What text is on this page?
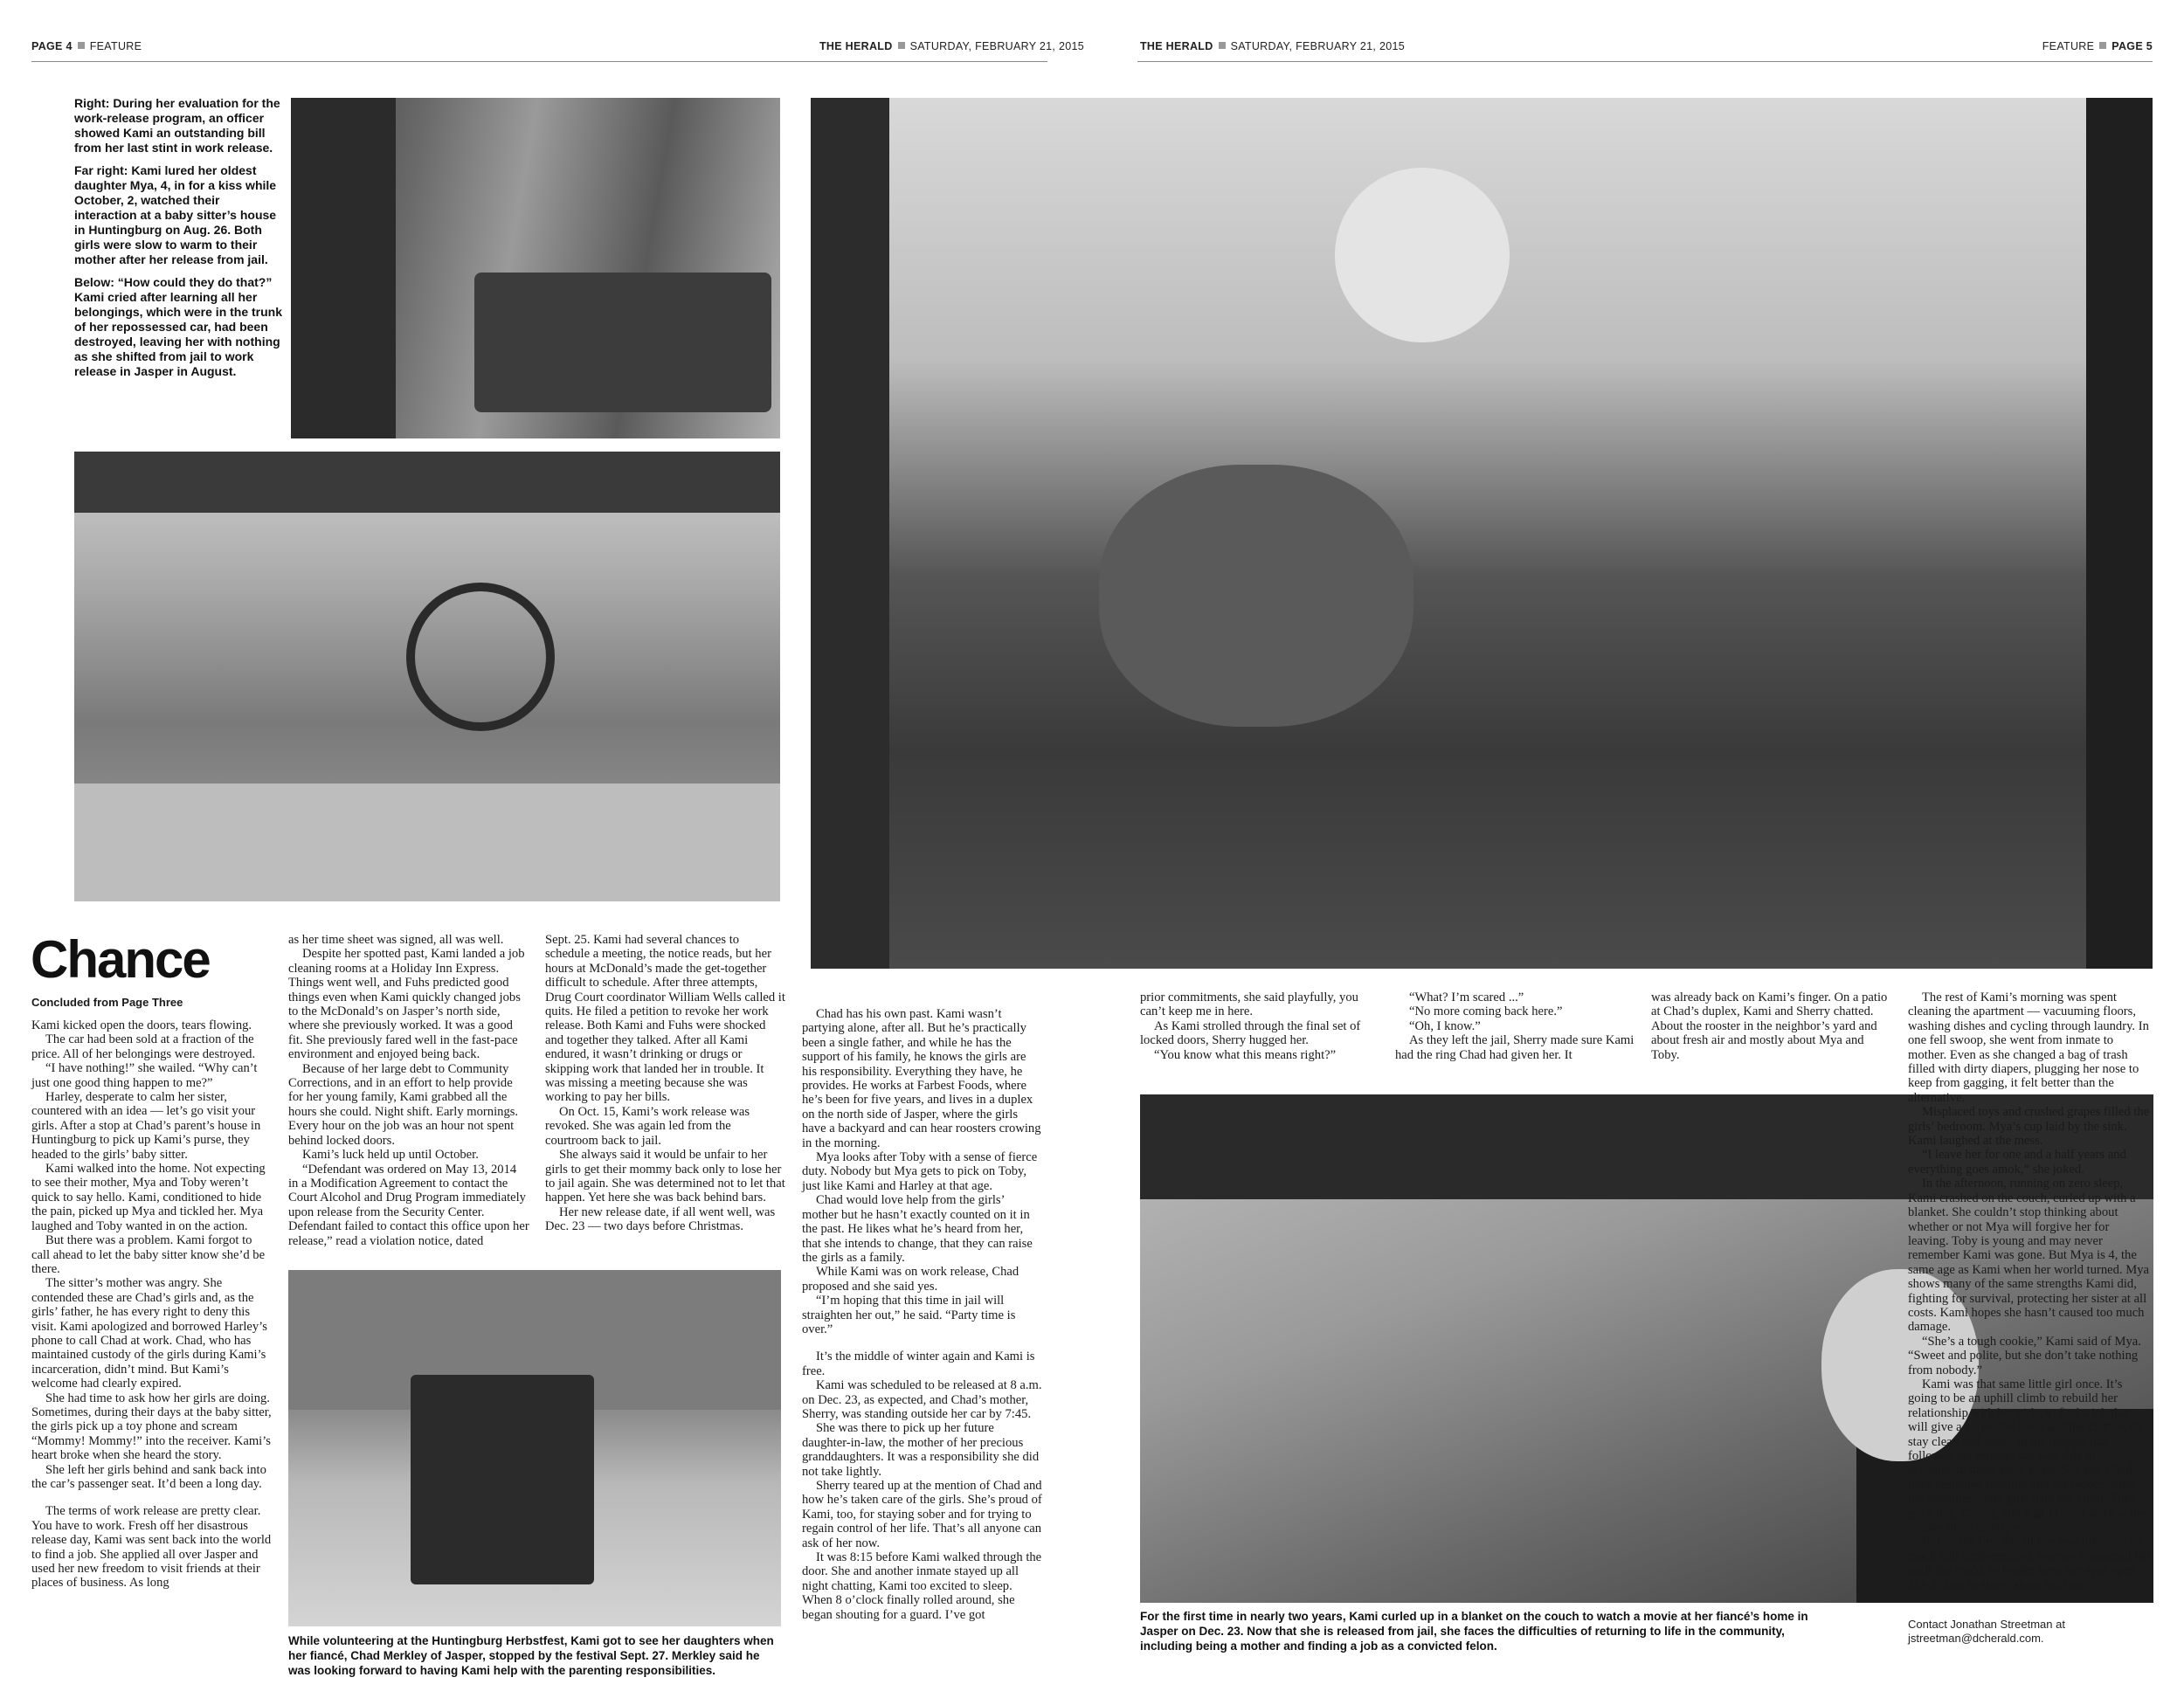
PAGE 4 FEATURE	THE HERALD SATURDAY, FEBRUARY 21, 2015	THE HERALD SATURDAY, FEBRUARY 21, 2015	FEATURE PAGE 5

Right: During her evaluation for the work-release program, an officer showed Kami an outstanding bill from her last stint in work release.

Far right: Kami lured her oldest daughter Mya, 4, in for a kiss while October, 2, watched their interaction at a baby sitter’s house in Huntingburg on Aug. 26. Both girls were slow to warm to their mother after her release from jail.

Below: “How could they do that?” Kami cried after learning all her belongings, which were in the trunk of her repossessed car, had been destroyed, leaving her with nothing as she shifted from jail to work release in Jasper in August.

While volunteering at the Huntingburg Herbstfest, Kami got to see her daughters when her fiancé, Chad Merkley of Jasper, stopped by the festival Sept. 27. Merkley said he was looking forward to having Kami help with the parenting responsibilities.
For the first time in nearly two years, Kami curled up in a blanket on the couch to watch a movie at her fiancé’s home in Jasper on Dec. 23. Now that she is released from jail, she faces the difficulties of returning to life in the community, including being a mother and finding a job as a convicted felon.
Chance
Concluded from Page Three

Kami kicked open the doors, tears flowing.

The car had been sold at a fraction of the price. All of her belongings were destroyed.

“I have nothing!” she wailed. “Why can’t just one good thing happen to me?”

Harley, desperate to calm her sister, countered with an idea — let’s go visit your girls. After a stop at Chad’s parent’s house in Huntingburg to pick up Kami’s purse, they headed to the girls’ baby sitter.

Kami walked into the home. Not expecting to see their mother, Mya and Toby weren’t quick to say hello. Kami, conditioned to hide the pain, picked up Mya and tickled her. Mya laughed and Toby wanted in on the action.

But there was a problem. Kami forgot to call ahead to let the baby sitter know she’d be there.

The sitter’s mother was angry. She contended these are Chad’s girls and, as the girls’ father, he has every right to deny this visit. Kami apologized and borrowed Harley’s phone to call Chad at work. Chad, who has maintained custody of the girls during Kami’s incarceration, didn’t mind. But Kami’s welcome had clearly expired.

She had time to ask how her girls are doing. Sometimes, during their days at the baby sitter, the girls pick up a toy phone and scream “Mommy! Mommy!” into the receiver. Kami’s heart broke when she heard the story.

She left her girls behind and sank back into the car’s passenger seat. It’d been a long day.

The terms of work release are pretty clear. You have to work. Fresh off her disastrous release day, Kami was sent back into the world to find a job. She applied all over Jasper and used her new freedom to visit friends at their places of business. As long

as her time sheet was signed, all was well.

Despite her spotted past, Kami landed a job cleaning rooms at a Holiday Inn Express. Things went well, and Fuhs predicted good things even when Kami quickly changed jobs to the McDonald’s on Jasper’s north side, where she previously worked. It was a good fit. She previously fared well in the fast-pace environment and enjoyed being back.

Because of her large debt to Community Corrections, and in an effort to help provide for her young family, Kami grabbed all the hours she could. Night shift. Early mornings. Every hour on the job was an hour not spent behind locked doors.

Kami’s luck held up until October.

“Defendant was ordered on May 13, 2014 in a Modification Agreement to contact the Court Alcohol and Drug Program immediately upon release from the Security Center. Defendant failed to contact this office upon her release,” read a violation notice, dated

Sept. 25. Kami had several chances to schedule a meeting, the notice reads, but her hours at McDonald’s made the get-together difficult to schedule. After three attempts, Drug Court coordinator William Wells called it quits. He filed a petition to revoke her work release. Both Kami and Fuhs were shocked and together they talked. After all Kami endured, it wasn’t drinking or drugs or skipping work that landed her in trouble. It was missing a meeting because she was working to pay her bills.

On Oct. 15, Kami’s work release was revoked. She was again led from the courtroom back to jail.

She always said it would be unfair to her girls to get their mommy back only to lose her to jail again. She was determined not to let that happen. Yet here she was back behind bars.

Her new release date, if all went well, was Dec. 23 — two days before Christmas.

Chad has his own past. Kami wasn’t partying alone, after all. But he’s practically been a single father, and while he has the support of his family, he knows the girls are his responsibility. Everything they have, he provides. He works at Farbest Foods, where he’s been for five years, and lives in a duplex on the north side of Jasper, where the girls have a backyard and can hear roosters crowing in the morning.

Mya looks after Toby with a sense of fierce duty. Nobody but Mya gets to pick on Toby, just like Kami and Harley at that age.

Chad would love help from the girls’ mother but he hasn’t exactly counted on it in the past. He likes what he’s heard from her, that she intends to change, that they can raise the girls as a family.

While Kami was on work release, Chad proposed and she said yes.

“I’m hoping that this time in jail will straighten her out,” he said. “Party time is over.”

It’s the middle of winter again and Kami is free.

Kami was scheduled to be released at 8 a.m. on Dec. 23, as expected, and Chad’s mother, Sherry, was standing outside her car by 7:45.

She was there to pick up her future daughter-in-law, the mother of her precious granddaughters. It was a responsibility she did not take lightly.

Sherry teared up at the mention of Chad and how he’s taken care of the girls. She’s proud of Kami, too, for staying sober and for trying to regain control of her life. That’s all anyone can ask of her now.

It was 8:15 before Kami walked through the door. She and another inmate stayed up all night chatting, Kami too excited to sleep. When 8 o’clock finally rolled around, she began shouting for a guard. I’ve got

prior commitments, she said playfully, you can’t keep me in here.

As Kami strolled through the final set of locked doors, Sherry hugged her.

“You know what this means right?”

“What? I’m scared ...”

“No more coming back here.”

“Oh, I know.”

As they left the jail, Sherry made sure Kami had the ring Chad had given her. It

was already back on Kami’s finger. On a patio at Chad’s duplex, Kami and Sherry chatted. About the rooster in the neighbor’s yard and about fresh air and mostly about Mya and Toby.

The rest of Kami’s morning was spent cleaning the apartment — vacuuming floors, washing dishes and cycling through laundry. In one fell swoop, she went from inmate to mother. Even as she changed a bag of trash filled with dirty diapers, plugging her nose to keep from gagging, it felt better than the alternative.

Misplaced toys and crushed grapes filled the girls’ bedroom. Mya’s cup laid by the sink. Kami laughed at the mess.

“I leave her for one and a half years and everything goes amok,” she joked.

In the afternoon, running on zero sleep, Kami crashed on the couch, curled up with a blanket. She couldn’t stop thinking about whether or not Mya will forgive her for leaving. Toby is young and may never remember Kami was gone. But Mya is 4, the same age as Kami when her world turned. Mya shows many of the same strengths Kami did, fighting for survival, protecting her sister at all costs. Kami hopes she hasn’t caused too much damage.

“She’s a tough cookie,” Kami said of Mya. “Sweet and polite, but she don’t take nothing from nobody.”

Kami was that same little girl once. It’s going to be an uphill climb to rebuild her relationship with her girls, to find a job that will give a convicted felon another chance, to stay clean and sober. In the months that followed her release, she was able to accomplish those early goals. She and Chad have remained together and are redecorating the apartment. Her girls help her clean. They got a dog, Gracie, and Kami found work at the Smoke Shop in Jasper.

But on the first day of her new life, with so much still undetermined, worries consumed her until she could no longer keep her eyes open. She drifted to sleep, alone but free.

Contact Jonathan Streetman at
jstreetman@dcherald.com.
